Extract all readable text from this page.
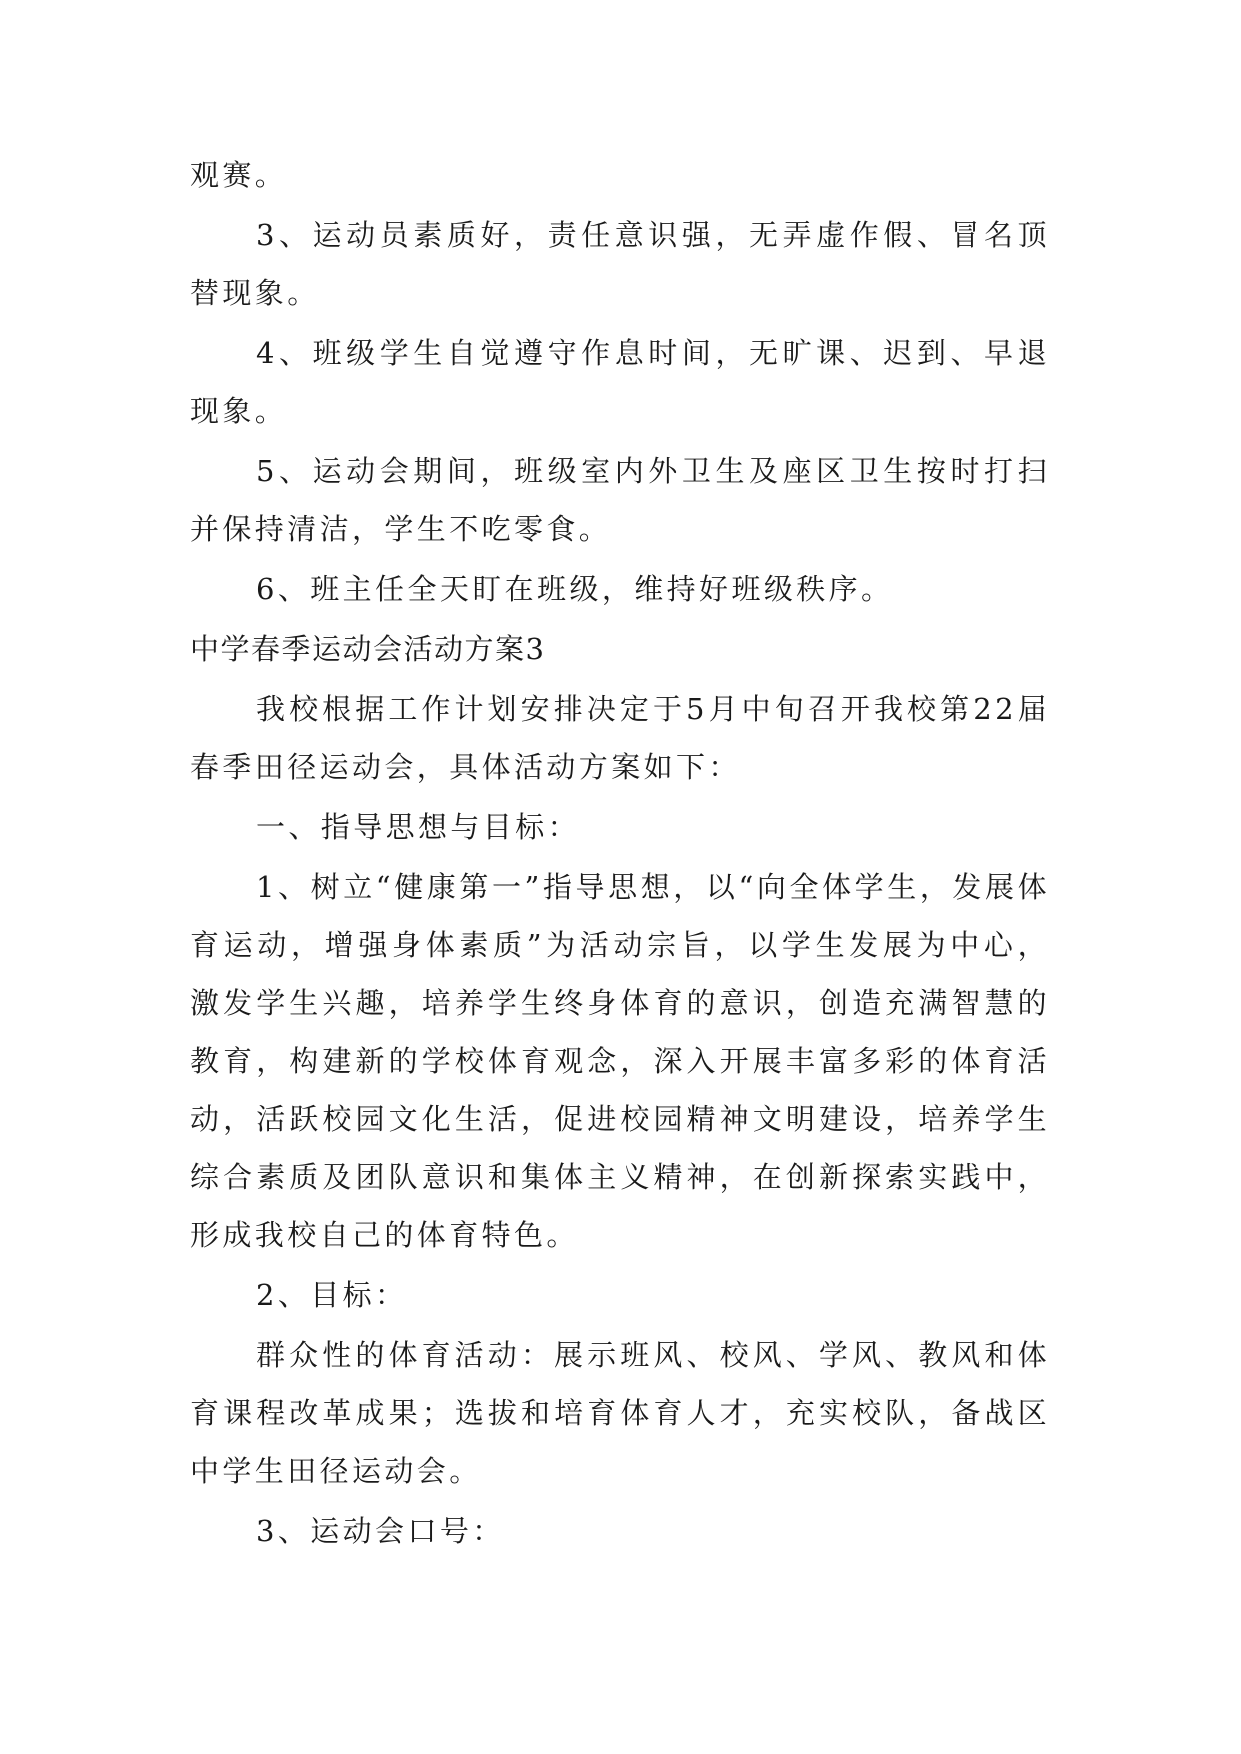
观赛。

3、运动员素质好，责任意识强，无弄虚作假、冒名顶替现象。

4、班级学生自觉遵守作息时间，无旷课、迟到、早退现象。

5、运动会期间，班级室内外卫生及座区卫生按时打扫并保持清洁，学生不吃零食。

6、班主任全天盯在班级，维持好班级秩序。

中学春季运动会活动方案3

我校根据工作计划安排决定于5月中旬召开我校第22届春季田径运动会，具体活动方案如下：

一、指导思想与目标：

1、树立“健康第一”指导思想，以“向全体学生，发展体育运动，增强身体素质”为活动宗旨，以学生发展为中心，激发学生兴趣，培养学生终身体育的意识，创造充满智慧的教育，构建新的学校体育观念，深入开展丰富多彩的体育活动，活跃校园文化生活，促进校园精神文明建设，培养学生综合素质及团队意识和集体主义精神，在创新探索实践中，形成我校自己的体育特色。

2、目标：

群众性的体育活动：展示班风、校风、学风、教风和体育课程改革成果；选拔和培育体育人才，充实校队，备战区中学生田径运动会。

3、运动会口号：
